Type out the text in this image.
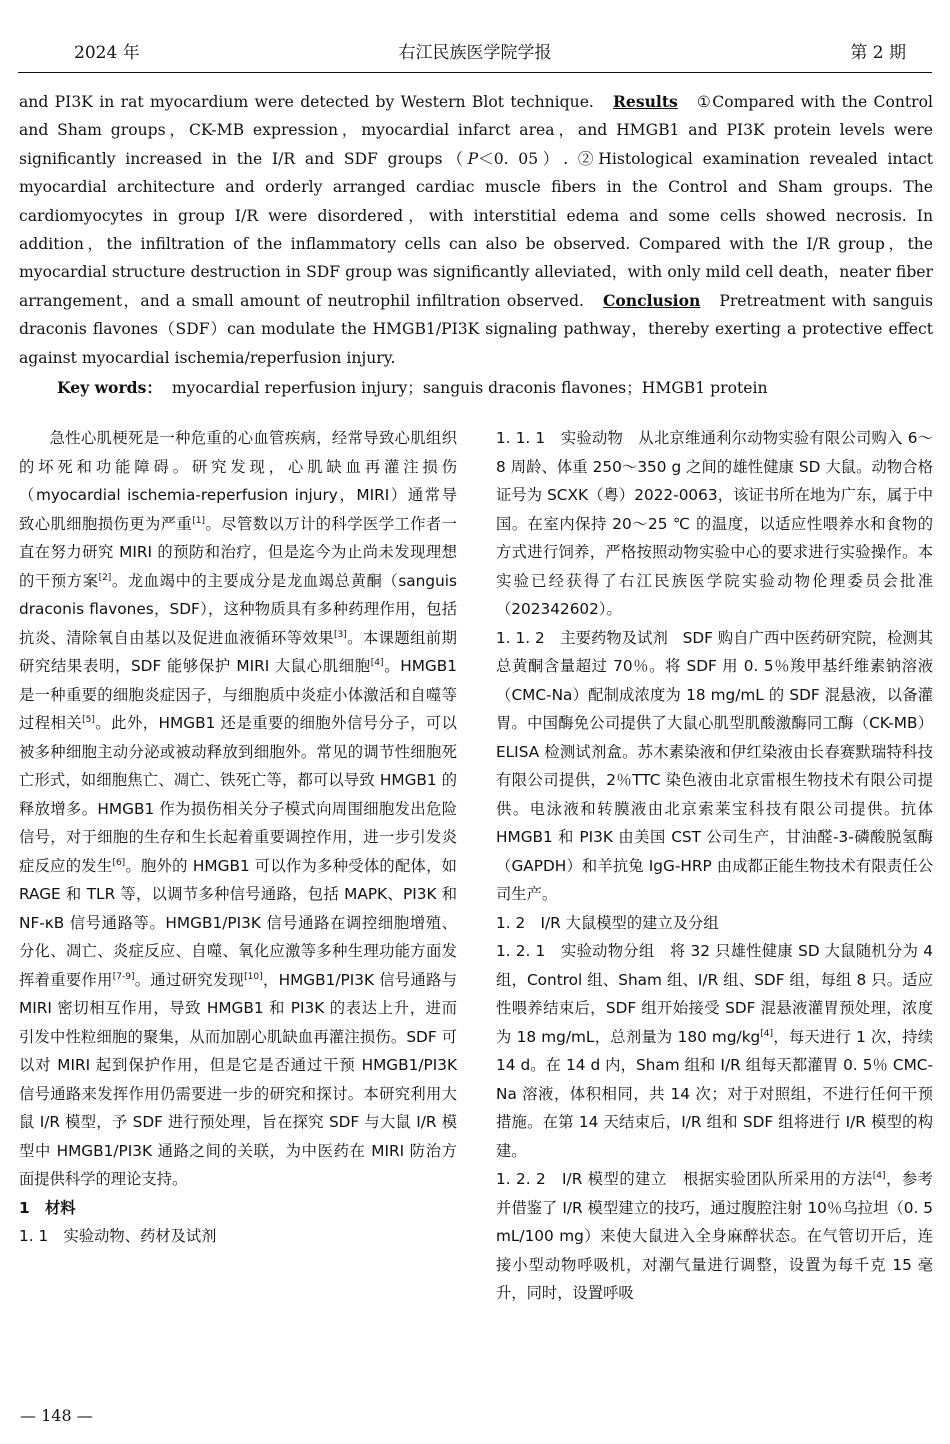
2024 年	右江民族医学院学报	第 2 期

and PI3K in rat myocardium were detected by Western Blot technique. Results ①Compared with the Control and Sham groups，CK-MB expression，myocardial infarct area，and HMGB1 and PI3K protein levels were significantly increased in the I/R and SDF groups（P＜0. 05）. ②Histological examination revealed intact myocardial architecture and orderly arranged cardiac muscle fibers in the Control and Sham groups. The cardiomyocytes in group I/R were disordered，with interstitial edema and some cells showed necrosis. In addition，the infiltration of the inflammatory cells can also be observed. Compared with the I/R group，the myocardial structure destruction in SDF group was significantly alleviated，with only mild cell death，neater fiber arrangement，and a small amount of neutrophil infiltration observed. Conclusion Pretreatment with sanguis draconis flavones（SDF）can modulate the HMGB1/PI3K signaling pathway，thereby exerting a protective effect against myocardial ischemia/reperfusion injury.

Key words： myocardial reperfusion injury；sanguis draconis flavones；HMGB1 protein

急性心肌梗死是一种危重的心血管疾病，经常导致心肌组织的坏死和功能障碍。研究发现，心肌缺血再灌注损伤（myocardial ischemia-reperfusion injury，MIRI）通常导致心肌细胞损伤更为严重[1]。尽管数以万计的科学医学工作者一直在努力研究 MIRI 的预防和治疗，但是迄今为止尚未发现理想的干预方案[2]。龙血竭中的主要成分是龙血竭总黄酮（sanguis draconis flavones，SDF），这种物质具有多种药理作用，包括抗炎、清除氧自由基以及促进血液循环等效果[3]。本课题组前期研究结果表明，SDF 能够保护 MIRI 大鼠心肌细胞[4]。HMGB1 是一种重要的细胞炎症因子，与细胞质中炎症小体激活和自噬等过程相关[5]。此外，HMGB1 还是重要的细胞外信号分子，可以被多种细胞主动分泌或被动释放到细胞外。常见的调节性细胞死亡形式，如细胞焦亡、凋亡、铁死亡等，都可以导致 HMGB1 的释放增多。HMGB1 作为损伤相关分子模式向周围细胞发出危险信号，对于细胞的生存和生长起着重要调控作用，进一步引发炎症反应的发生[6]。胞外的 HMGB1 可以作为多种受体的配体，如 RAGE 和 TLR 等，以调节多种信号通路，包括 MAPK、PI3K 和 NF-κB 信号通路等。HMGB1/PI3K 信号通路在调控细胞增殖、分化、凋亡、炎症反应、自噬、氧化应激等多种生理功能方面发挥着重要作用[7-9]。通过研究发现[10]，HMGB1/PI3K 信号通路与 MIRI 密切相互作用，导致 HMGB1 和 PI3K 的表达上升，进而引发中性粒细胞的聚集，从而加剧心肌缺血再灌注损伤。SDF 可以对 MIRI 起到保护作用，但是它是否通过干预 HMGB1/PI3K 信号通路来发挥作用仍需要进一步的研究和探讨。本研究利用大鼠 I/R 模型，予 SDF 进行预处理，旨在探究 SDF 与大鼠 I/R 模型中 HMGB1/PI3K 通路之间的关联，为中医药在 MIRI 防治方面提供科学的理论支持。

1　材料

1. 1　实验动物、药材及试剂

1. 1. 1　实验动物 从北京维通利尔动物实验有限公司购入 6～8 周龄、体重 250～350 g 之间的雄性健康 SD 大鼠。动物合格证号为 SCXK（粤）2022-0063，该证书所在地为广东，属于中国。在室内保持 20～25 ℃ 的温度，以适应性喂养水和食物的方式进行饲养，严格按照动物实验中心的要求进行实验操作。本实验已经获得了右江民族医学院实验动物伦理委员会批准（202342602）。

1. 1. 2　主要药物及试剂 SDF 购自广西中医药研究院，检测其总黄酮含量超过 70％。将 SDF 用 0. 5％羧甲基纤维素钠溶液（CMC-Na）配制成浓度为 18 mg/mL 的 SDF 混悬液，以备灌胃。中国酶免公司提供了大鼠心肌型肌酸激酶同工酶（CK-MB）ELISA 检测试剂盒。苏木素染液和伊红染液由长春赛默瑞特科技有限公司提供，2％TTC 染色液由北京雷根生物技术有限公司提供。电泳液和转膜液由北京索莱宝科技有限公司提供。抗体 HMGB1 和 PI3K 由美国 CST 公司生产，甘油醛-3-磷酸脱氢酶（GAPDH）和羊抗兔 IgG-HRP 由成都正能生物技术有限责任公司生产。

1. 2　I/R 大鼠模型的建立及分组

1. 2. 1　实验动物分组 将 32 只雄性健康 SD 大鼠随机分为 4 组，Control 组、Sham 组、I/R 组、SDF 组，每组 8 只。适应性喂养结束后，SDF 组开始接受 SDF 混悬液灌胃预处理，浓度为 18 mg/mL，总剂量为 180 mg/kg[4]，每天进行 1 次，持续 14 d。在 14 d 内，Sham 组和 I/R 组每天都灌胃 0. 5％ CMC-Na 溶液，体积相同，共 14 次；对于对照组，不进行任何干预措施。在第 14 天结束后，I/R 组和 SDF 组将进行 I/R 模型的构建。

1. 2. 2　I/R 模型的建立 根据实验团队所采用的方法[4]，参考并借鉴了 I/R 模型建立的技巧，通过腹腔注射 10％乌拉坦（0. 5 mL/100 mg）来使大鼠进入全身麻醉状态。在气管切开后，连接小型动物呼吸机，对潮气量进行调整，设置为每千克 15 毫升，同时，设置呼吸

— 148 —
